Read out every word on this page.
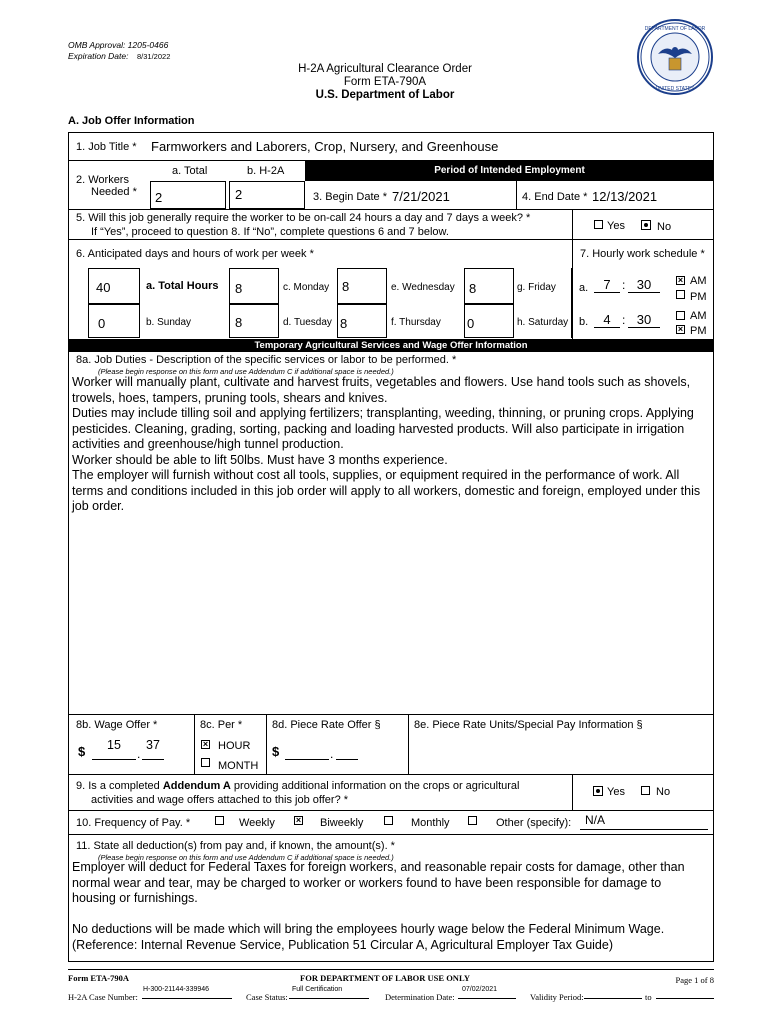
OMB Approval: 1205-0466
Expiration Date: 8/31/2022
H-2A Agricultural Clearance Order
Form ETA-790A
U.S. Department of Labor
DEPARTMENT OF LABOR
UNITED STATES
A. Job Offer Information
1. Job Title * Farmworkers and Laborers, Crop, Nursery, and Greenhouse
2. Workers
Needed *
a. Total	b. H-2A	Period of Intended Employment
2	2	3. Begin Date * 7/21/2021	4. End Date * 12/13/2021
5. Will this job generally require the worker to be on-call 24 hours a day and 7 days a week? *
If “Yes”, proceed to question 8. If “No”, complete questions 6 and 7 below.	Yes	No
6. Anticipated days and hours of work per week *	7. Hourly work schedule *
40	a. Total Hours 8	c. Monday 8	e. Wednesday 8	g. Friday
0	b. Sunday	8	d. Tuesday 8	f. Thursday 0	h. Saturday
a.	7 : 30	× AM
PM
b.	4 : 30	AM
× PM
Temporary Agricultural Services and Wage Offer Information
8a. Job Duties - Description of the specific services or labor to be performed. *
(Please begin response on this form and use Addendum C if additional space is needed.)
Worker will manually plant, cultivate and harvest fruits, vegetables and flowers. Use hand tools such as shovels,
trowels, hoes, tampers, pruning tools, shears and knives.
Duties may include tilling soil and applying fertilizers; transplanting, weeding, thinning, or pruning crops. Applying
pesticides. Cleaning, grading, sorting, packing and loading harvested products. Will also participate in irrigation
activities and greenhouse/high tunnel production.
Worker should be able to lift 50lbs. Must have 3 months experience.
The employer will furnish without cost all tools, supplies, or equipment required in the performance of work. All
terms and conditions included in this job order will apply to all workers, domestic and foreign, employed under this
job order.
8b. Wage Offer *
$	15
.
37
8c. Per *
× HOUR
MONTH
8d. Piece Rate Offer §
$	.
8e. Piece Rate Units/Special Pay Information §
9. Is a completed Addendum A providing additional information on the crops or agricultural
activities and wage offers attached to this job offer? *
Yes	No
10. Frequency of Pay. *	Weekly × Biweekly	Monthly	Other (specify): N/A
11. State all deduction(s) from pay and, if known, the amount(s). *
(Please begin response on this form and use Addendum C if additional space is needed.)
Employer will deduct for Federal Taxes for foreign workers, and reasonable repair costs for damage, other than
normal wear and tear, may be charged to worker or workers found to have been responsible for damage to
housing or furnishings.
No deductions will be made which will bring the employees hourly wage below the Federal Minimum Wage.
(Reference: Internal Revenue Service, Publication 51 Circular A, Agricultural Employer Tax Guide)
Form ETA-790A	FOR DEPARTMENT OF LABOR USE ONLY	Page 1 of 8
H-2A Case Number:
H-300-21144-339946
Case Status:
Full Certification
Determination Date:
07/02/2021
Validity Period:	to
